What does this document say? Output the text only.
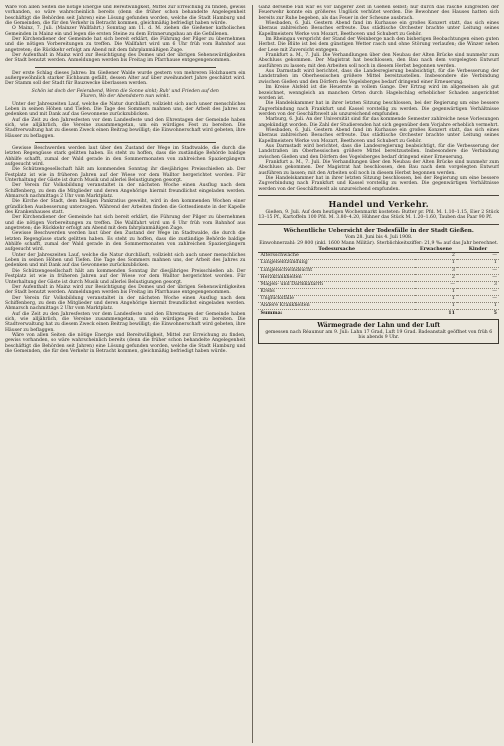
Wäre von allen Seiten die nötige Energie und Bereitwilligkeit, Mittel zur Erreichung zu finden, gewiss vorhanden, so wäre wahrscheinlich bereits (denn die früher schon behandelte Angelegenheit beschäftigt die Behörden seit Jahren) eine Lösung gefunden worden, welche die Stadt Hamburg und die Gemeinden, die für den Verkehr in Betracht kommen, gleichmäßig befriedigt haben würde.

O Mainz, 7. Juli. (Mainzer Wallfahrt.) Sonntag am 11. d. M. ziehen die Gießener katholischen Gemeinden in Mainz ein und legen die ersten Steine zu dem Erinnerungsbau an die Gefallenen.

Der Kirchendiener der Gemeinde hat sich bereit erklärt, die Führung der Pilger zu übernehmen und die nötigen Vorbereitungen zu treffen. Die Wallfahrt wird um 6 Uhr früh vom Bahnhof aus angetreten; die Rückkehr erfolgt am Abend mit dem fahrplanmäßigen Zuge.

Der Aufenthalt in Mainz wird zur Besichtigung des Domes und der übrigen Sehenswürdigkeiten der Stadt benutzt werden. Anmeldungen werden bis Freitag im Pfarrhause entgegengenommen.

Der erste Schlag dieses Jahres: Im Gießener Walde wurde gestern von mehreren Holzhauern ein außergewöhnlich starker Eichbaum gefällt, dessen Alter auf über zweihundert Jahre geschätzt wird. Der Stamm soll der Stadt für Bauzwecke überlassen werden.

Schön ist doch der Feierabend, Wenn die Sonne sinkt; Ruh' und Frieden auf den Fluren, Wo der Abendstern nun winkt.

Unter der Jahreszeiten Lauf, welche die Natur durchläuft, vollzieht sich auch unser menschliches Leben in seinen Höhen und Tiefen. Die Tage des Sommers mahnen uns, der Arbeit des Jahres zu gedenken und mit Dank auf das Gewonnene zurückzublicken.

Auf die Zeit zu den Jahresfesten vor dem Landesfeste und den Ehrentagen der Gemeinde haben sich, wie alljährlich, die Vereine zusammengetan, um ein würdiges Fest zu bereiten. Die Stadtverwaltung hat zu diesem Zweck einen Beitrag bewilligt; die Einwohnerschaft wird gebeten, ihre Häuser zu beflaggen.

Gewisse Beschwerden werden laut über den Zustand der Wege im Stadtwalde, die durch die letzten Regengüsse stark gelitten haben. Es steht zu hoffen, dass die zuständige Behörde baldige Abhilfe schafft, zumal der Wald gerade in den Sommermonaten von zahlreichen Spaziergängern aufgesucht wird.

Die Schützengesellschaft hält am kommenden Sonntag ihr diesjähriges Preisschießen ab. Der Festplatz ist wie in früheren Jahren auf der Wiese vor dem Walltor hergerichtet worden. Für Unterhaltung der Gäste ist durch Musik und allerlei Belustigungen gesorgt.

Der Verein für Volksbildung veranstaltet in der nächsten Woche einen Ausflug nach dem Schiffenberg, zu dem die Mitglieder und deren Angehörige hiermit freundlichst eingeladen werden. Abmarsch nachmittags 2 Uhr vom Marktplatz.

Die Kirche der Stadt, dem heiligen Pankratius geweiht, wird in den kommenden Wochen einer gründlichen Ausbesserung unterzogen. Während der Arbeiten finden die Gottesdienste in der Kapelle des Krankenhauses statt.

Der Kirchendiener der Gemeinde hat sich bereit erklärt, die Führung der Pilger zu übernehmen und die nötigen Vorbereitungen zu treffen. Die Wallfahrt wird um 6 Uhr früh vom Bahnhof aus angetreten; die Rückkehr erfolgt am Abend mit dem fahrplanmäßigen Zuge.

Gewisse Beschwerden werden laut über den Zustand der Wege im Stadtwalde, die durch die letzten Regengüsse stark gelitten haben. Es steht zu hoffen, dass die zuständige Behörde baldige Abhilfe schafft, zumal der Wald gerade in den Sommermonaten von zahlreichen Spaziergängern aufgesucht wird.

Unter der Jahreszeiten Lauf, welche die Natur durchläuft, vollzieht sich auch unser menschliches Leben in seinen Höhen und Tiefen. Die Tage des Sommers mahnen uns, der Arbeit des Jahres zu gedenken und mit Dank auf das Gewonnene zurückzublicken.

Die Schützengesellschaft hält am kommenden Sonntag ihr diesjähriges Preisschießen ab. Der Festplatz ist wie in früheren Jahren auf der Wiese vor dem Walltor hergerichtet worden. Für Unterhaltung der Gäste ist durch Musik und allerlei Belustigungen gesorgt.

Der Aufenthalt in Mainz wird zur Besichtigung des Domes und der übrigen Sehenswürdigkeiten der Stadt benutzt werden. Anmeldungen werden bis Freitag im Pfarrhause entgegengenommen.

Der Verein für Volksbildung veranstaltet in der nächsten Woche einen Ausflug nach dem Schiffenberg, zu dem die Mitglieder und deren Angehörige hiermit freundlichst eingeladen werden. Abmarsch nachmittags 2 Uhr vom Marktplatz.

Auf die Zeit zu den Jahresfesten vor dem Landesfeste und den Ehrentagen der Gemeinde haben sich, wie alljährlich, die Vereine zusammengetan, um ein würdiges Fest zu bereiten. Die Stadtverwaltung hat zu diesem Zweck einen Beitrag bewilligt; die Einwohnerschaft wird gebeten, ihre Häuser zu beflaggen.

Wäre von allen Seiten die nötige Energie und Bereitwilligkeit, Mittel zur Erreichung zu finden, gewiss vorhanden, so wäre wahrscheinlich bereits (denn die früher schon behandelte Angelegenheit beschäftigt die Behörden seit Jahren) eine Lösung gefunden worden, welche die Stadt Hamburg und die Gemeinden, die für den Verkehr in Betracht kommen, gleichmäßig befriedigt haben würde.

Ganz derselbe Fall war es vor längerer Zeit in Gießen selbst; nur durch das rasche Eingreifen der Feuerwehr konnte ein größeres Unglück verhütet werden. Die Bewohner des Hauses hatten sich bereits zur Ruhe begeben, als das Feuer in der Scheune ausbrach.

Wiesbaden, 6. Juli. Gestern Abend fand im Kurhause ein großes Konzert statt, das sich eines überaus zahlreichen Besuches erfreute. Das städtische Orchester brachte unter Leitung seines Kapellmeisters Werke von Mozart, Beethoven und Schubert zu Gehör.

Im Rheingau verspricht der Stand der Weinberge nach den bisherigen Beobachtungen einen guten Herbst. Die Blüte ist bei dem günstigen Wetter rasch und ohne Störung verlaufen; die Winzer sehen der Lese mit Zuversicht entgegen.

Frankfurt a. M., 7. Juli. Die Verhandlungen über den Neubau der Alten Brücke sind nunmehr zum Abschluss gekommen. Der Magistrat hat beschlossen, den Bau nach dem vorgelegten Entwurf ausführen zu lassen; mit den Arbeiten soll noch in diesem Herbst begonnen werden.

Aus Darmstadt wird berichtet, dass die Landesregierung beabsichtigt, für die Verbesserung der Landstraßen im Oberhessischen größere Mittel bereitzustellen. Insbesondere die Verbindung zwischen Gießen und den Dörfern des Vogelsberges bedarf dringend einer Erneuerung.

Im Kreise Alsfeld ist die Heuernte in vollem Gange. Der Ertrag wird im allgemeinen als gut bezeichnet, wenngleich an manchen Orten durch Hagelschlag erheblicher Schaden angerichtet worden ist.

Die Handelskammer hat in ihrer letzten Sitzung beschlossen, bei der Regierung um eine bessere Zugverbindung nach Frankfurt und Kassel vorstellig zu werden. Die gegenwärtigen Verhältnisse werden von der Geschäftswelt als unzureichend empfunden.

Marburg, 6. Juli. An der Universität sind für das kommende Semester zahlreiche neue Vorlesungen angekündigt worden. Die Zahl der Studierenden hat sich gegenüber dem Vorjahre erheblich vermehrt.

Wiesbaden, 6. Juli. Gestern Abend fand im Kurhause ein großes Konzert statt, das sich eines überaus zahlreichen Besuches erfreute. Das städtische Orchester brachte unter Leitung seines Kapellmeisters Werke von Mozart, Beethoven und Schubert zu Gehör.

Aus Darmstadt wird berichtet, dass die Landesregierung beabsichtigt, für die Verbesserung der Landstraßen im Oberhessischen größere Mittel bereitzustellen. Insbesondere die Verbindung zwischen Gießen und den Dörfern des Vogelsberges bedarf dringend einer Erneuerung.

Frankfurt a. M., 7. Juli. Die Verhandlungen über den Neubau der Alten Brücke sind nunmehr zum Abschluss gekommen. Der Magistrat hat beschlossen, den Bau nach dem vorgelegten Entwurf ausführen zu lassen; mit den Arbeiten soll noch in diesem Herbst begonnen werden.

Die Handelskammer hat in ihrer letzten Sitzung beschlossen, bei der Regierung um eine bessere Zugverbindung nach Frankfurt und Kassel vorstellig zu werden. Die gegenwärtigen Verhältnisse werden von der Geschäftswelt als unzureichend empfunden.

Handel und Verkehr.

Gießen, 9. Juli. Auf dem heutigen Wochenmarkt kosteten: Butter pr. Pfd. M. 1.10–1.15, Eier 2 Stück 13–15 Pf., Kartoffeln 100 Pfd. M. 3.80–4.20, Hühner das Stück M. 1.20–1.60, Tauben das Paar 90 Pf.

Wöchentliche Uebersicht der Todesfälle in der Stadt Gießen.
Vom 28. Juni bis 4. Juli 1908.

Einwohnerzahl: 29 800 (inkl. 1600 Mann Militär). Sterblichkeitsziffer: 21,9 ‰ auf das Jahr berechnet.

Todesursache	Erwachsene	Kinder
Altersschwäche	2	—
Lungenentzündung	1	1
Lungenschwindsucht	3	—
Herzkrankheiten	2	—
Magen- und Darmkatarrh	—	3
Krebs	1	—
Unglücksfälle	1	—
Andere Krankheiten	1	1
Summa:	11	5
Wärmegrade der Lahn und der Luft
gemessen nach Réaumur am 9. Juli: Lahn 17 Grad, Luft 19 Grad. Badeanstalt geöffnet von früh 6 bis abends 9 Uhr.
